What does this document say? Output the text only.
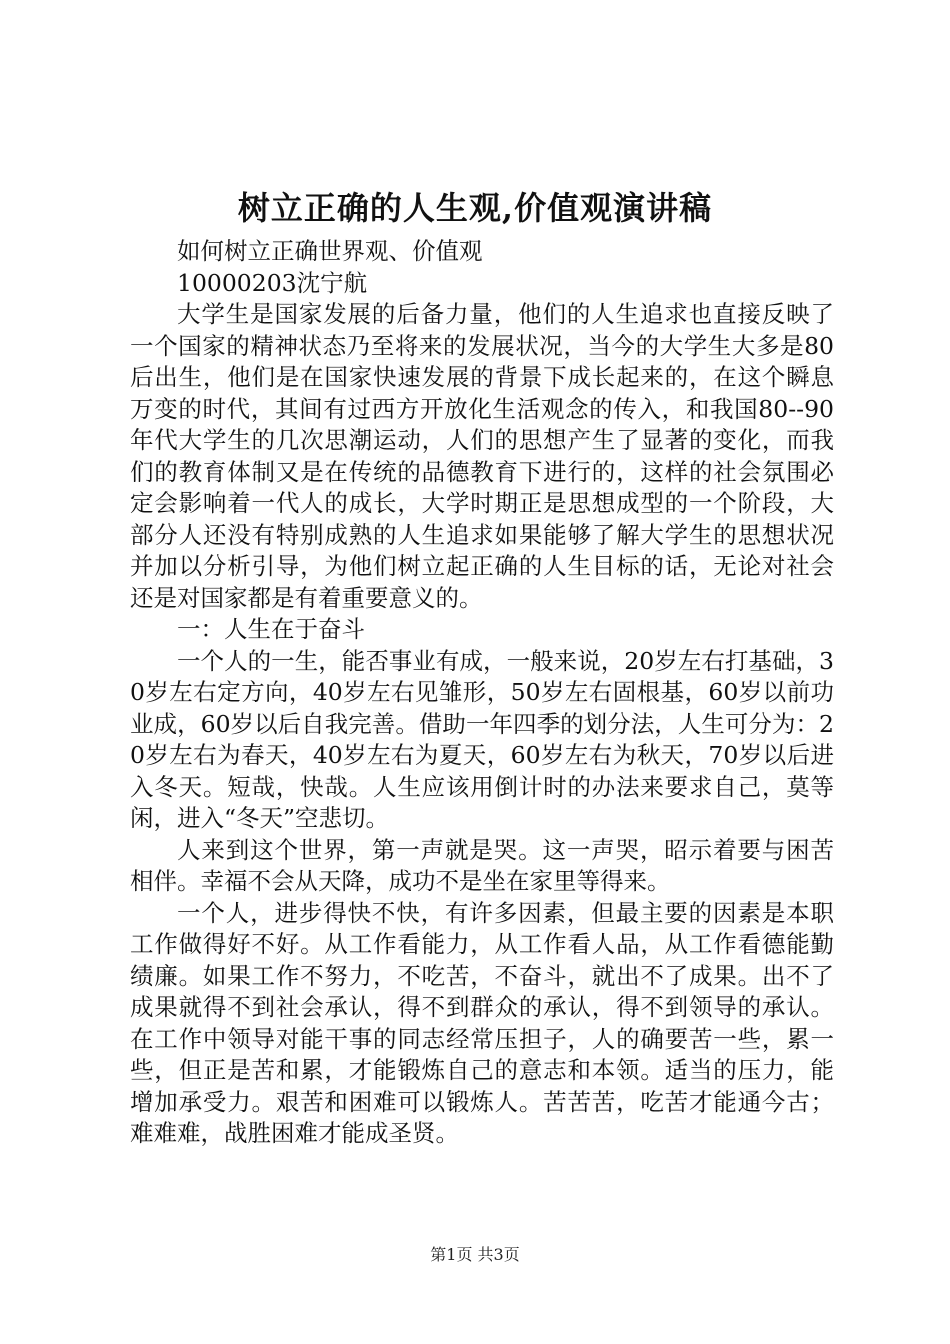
树立正确的人生观,价值观演讲稿

如何树立正确世界观、价值观

10000203沈宁航

大学生是国家发展的后备力量，他们的人生追求也直接反映了一个国家的精神状态乃至将来的发展状况，当今的大学生大多是80后出生，他们是在国家快速发展的背景下成长起来的，在这个瞬息万变的时代，其间有过西方开放化生活观念的传入，和我国80--90年代大学生的几次思潮运动，人们的思想产生了显著的变化，而我们的教育体制又是在传统的品德教育下进行的，这样的社会氛围必定会影响着一代人的成长，大学时期正是思想成型的一个阶段，大部分人还没有特别成熟的人生追求如果能够了解大学生的思想状况并加以分析引导，为他们树立起正确的人生目标的话，无论对社会还是对国家都是有着重要意义的。

一：人生在于奋斗

一个人的一生，能否事业有成，一般来说，20岁左右打基础，30岁左右定方向，40岁左右见雏形，50岁左右固根基，60岁以前功业成，60岁以后自我完善。借助一年四季的划分法，人生可分为：20岁左右为春天，40岁左右为夏天，60岁左右为秋天，70岁以后进入冬天。短哉，快哉。人生应该用倒计时的办法来要求自己，莫等闲，进入“冬天”空悲切。

人来到这个世界，第一声就是哭。这一声哭，昭示着要与困苦相伴。幸福不会从天降，成功不是坐在家里等得来。

一个人，进步得快不快，有许多因素，但最主要的因素是本职工作做得好不好。从工作看能力，从工作看人品，从工作看德能勤绩廉。如果工作不努力，不吃苦，不奋斗，就出不了成果。出不了成果就得不到社会承认，得不到群众的承认，得不到领导的承认。在工作中领导对能干事的同志经常压担子，人的确要苦一些，累一些，但正是苦和累，才能锻炼自己的意志和本领。适当的压力，能增加承受力。艰苦和困难可以锻炼人。苦苦苦，吃苦才能通今古；难难难，战胜困难才能成圣贤。

第1页 共3页
